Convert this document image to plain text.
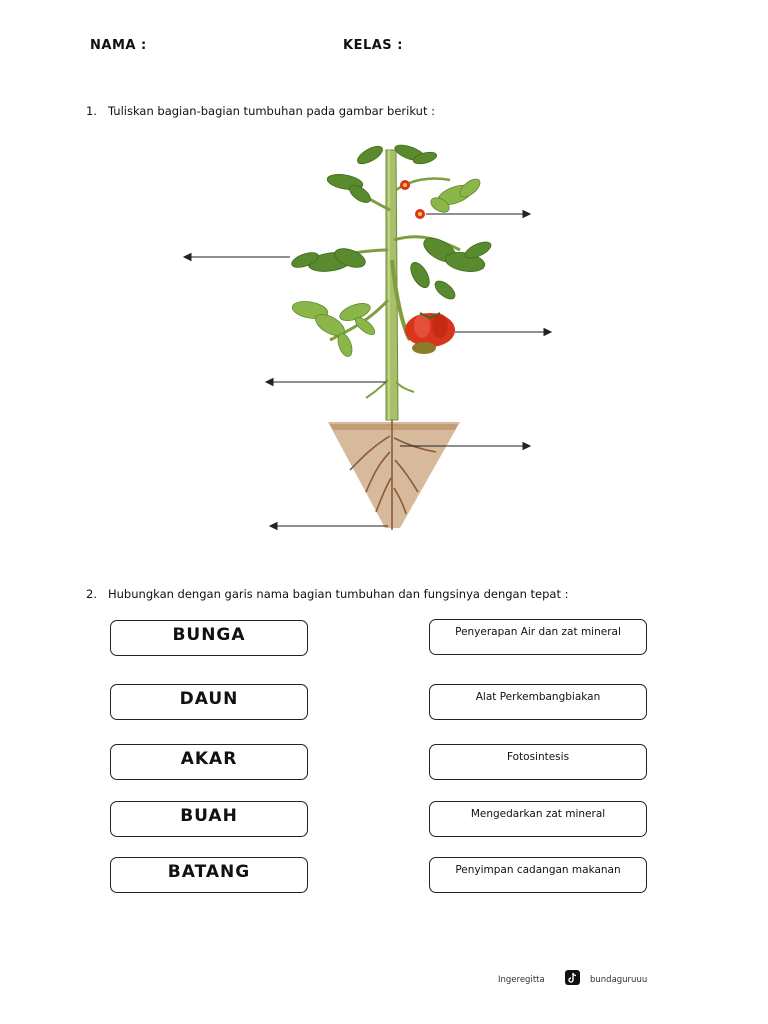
NAMA :	KELAS :
1. Tuliskan bagian-bagian tumbuhan pada gambar berikut :
2. Hubungkan dengan garis nama bagian tumbuhan dan fungsinya dengan tepat :
BUNGA
DAUN
AKAR
BUAH
BATANG
Penyerapan Air dan zat mineral
Alat Perkembangbiakan
Fotosintesis
Mengedarkan zat mineral
Penyimpan cadangan makanan
Ingeregitta	bundaguruuu
